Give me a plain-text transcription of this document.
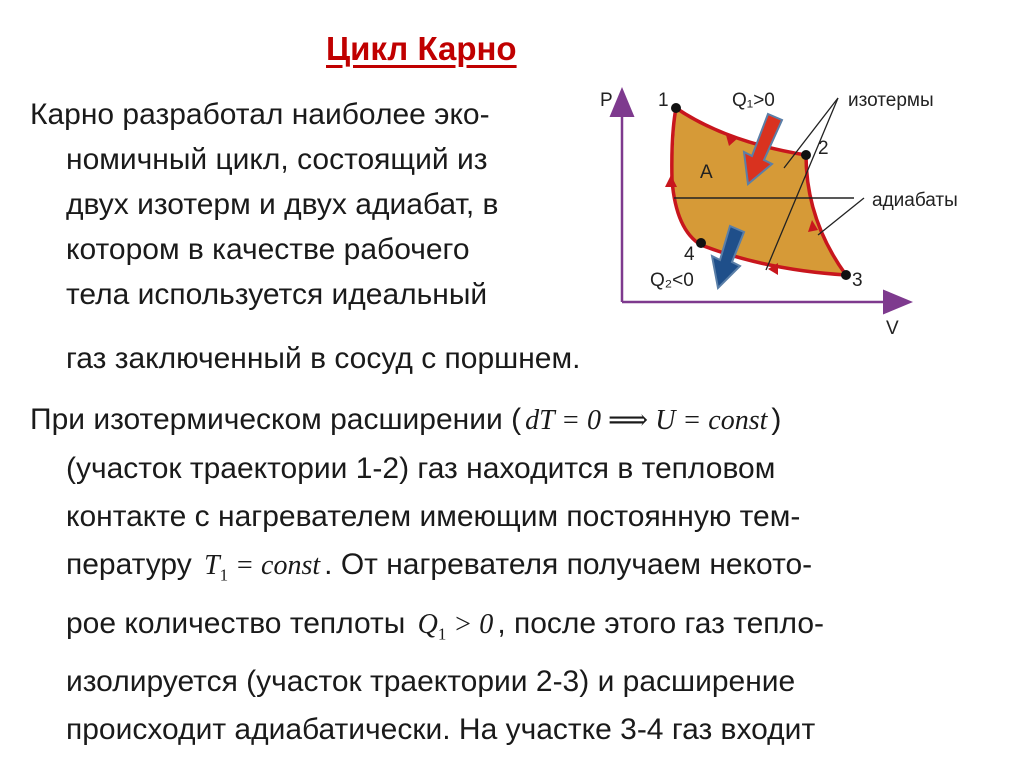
Цикл Карно
Карно разработал наиболее эко-
номичный цикл, состоящий из
двух изотерм и двух адиабат, в
котором в качестве рабочего
тела используется идеальный
газ заключенный в сосуд с поршнем.
При изотермическом расширении ( dT = 0 ⟹ U = const )
(участок траектории 1-2) газ находится в тепловом
контакте с нагревателем имеющим постоянную тем-
пературу $T_1$ = const . От нагревателя получаем некото-
рое количество теплоты $Q_1 > 0$ , после этого газ тепло-
изолируется (участок траектории 2-3) и расширение
происходит адиабатически. На участке 3-4 газ входит
P
V
1
2
3
4
A
Q₁>0
Q₂<0
изотермы
адиабаты
